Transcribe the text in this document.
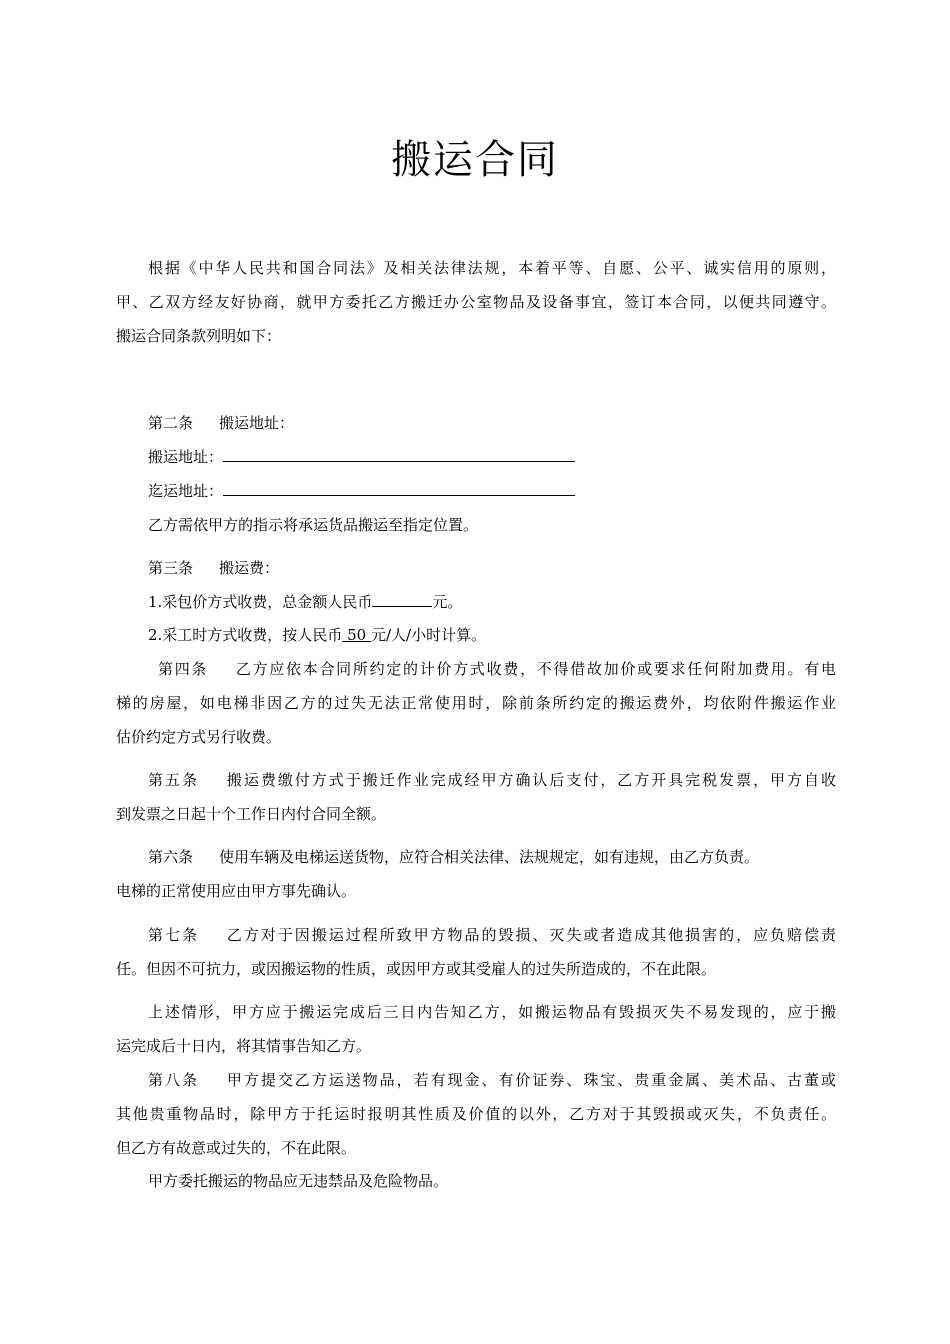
搬运合同
根据《中华人民共和国合同法》及相关法律法规，本着平等、自愿、公平、诚实信用的原则，
甲、乙双方经友好协商，就甲方委托乙方搬迁办公室物品及设备事宜，签订本合同，以便共同遵守。
搬运合同条款列明如下：
第二条 搬运地址：
搬运地址：
迄运地址：
乙方需依甲方的指示将承运货品搬运至指定位置。
第三条 搬运费：
1.采包价方式收费，总金额人民币	元。
2.采工时方式收费，按人民币 50 元/人/小时计算。
第四条 乙方应依本合同所约定的计价方式收费，不得借故加价或要求任何附加费用。有电
梯的房屋，如电梯非因乙方的过失无法正常使用时，除前条所约定的搬运费外，均依附件搬运作业
估价约定方式另行收费。
第五条 搬运费缴付方式于搬迁作业完成经甲方确认后支付，乙方开具完税发票，甲方自收
到发票之日起十个工作日内付合同全额。
第六条 使用车辆及电梯运送货物，应符合相关法律、法规规定，如有违规，由乙方负责。
电梯的正常使用应由甲方事先确认。
第七条 乙方对于因搬运过程所致甲方物品的毁损、灭失或者造成其他损害的，应负赔偿责
任。但因不可抗力，或因搬运物的性质，或因甲方或其受雇人的过失所造成的，不在此限。
上述情形，甲方应于搬运完成后三日内告知乙方，如搬运物品有毁损灭失不易发现的，应于搬
运完成后十日内，将其情事告知乙方。
第八条 甲方提交乙方运送物品，若有现金、有价证券、珠宝、贵重金属、美术品、古董或
其他贵重物品时，除甲方于托运时报明其性质及价值的以外，乙方对于其毁损或灭失，不负责任。
但乙方有故意或过失的，不在此限。
甲方委托搬运的物品应无违禁品及危险物品。
